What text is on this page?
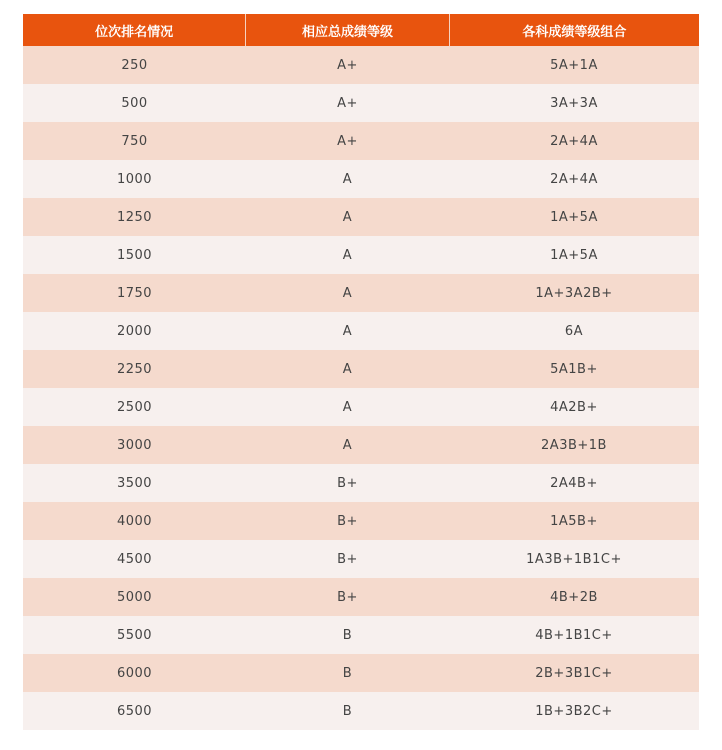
位次排名情况	相应总成绩等级	各科成绩等级组合
250	A+	5A+1A
500	A+	3A+3A
750	A+	2A+4A
1000	A	2A+4A
1250	A	1A+5A
1500	A	1A+5A
1750	A	1A+3A2B+
2000	A	6A
2250	A	5A1B+
2500	A	4A2B+
3000	A	2A3B+1B
3500	B+	2A4B+
4000	B+	1A5B+
4500	B+	1A3B+1B1C+
5000	B+	4B+2B
5500	B	4B+1B1C+
6000	B	2B+3B1C+
6500	B	1B+3B2C+
